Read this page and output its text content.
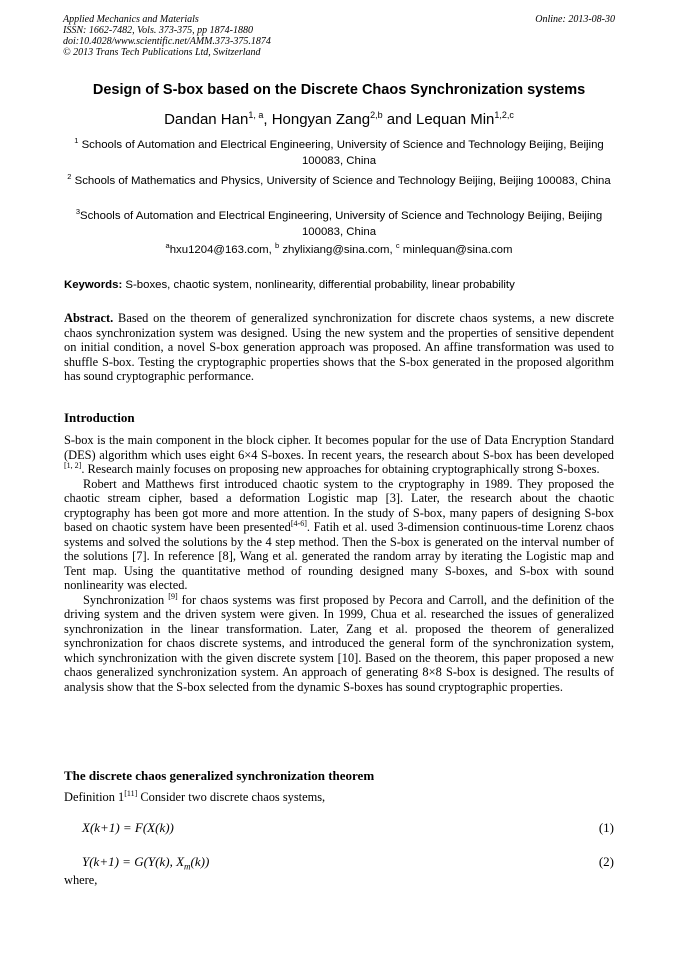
Applied Mechanics and Materials
ISSN: 1662-7482, Vols. 373-375, pp 1874-1880
doi:10.4028/www.scientific.net/AMM.373-375.1874
© 2013 Trans Tech Publications Ltd, Switzerland
Online: 2013-08-30
Design of S-box based on the Discrete Chaos Synchronization systems
Dandan Han$^{1, a}$, Hongyan Zang$^{2,b}$ and Lequan Min$^{1,2,c}$
$^1$ Schools of Automation and Electrical Engineering, University of Science and Technology Beijing, Beijing 100083, China
$^2$ Schools of Mathematics and Physics, University of Science and Technology Beijing, Beijing 100083, China
$^3$Schools of Automation and Electrical Engineering, University of Science and Technology Beijing, Beijing 100083, China
$^a$hxu1204@163.com, $^b$ zhylixiang@sina.com, $^c$ minlequan@sina.com
Keywords: S-boxes, chaotic system, nonlinearity, differential probability, linear probability
Abstract. Based on the theorem of generalized synchronization for discrete chaos systems, a new discrete chaos synchronization system was designed. Using the new system and the properties of sensitive dependent on initial condition, a novel S-box generation approach was proposed. An affine transformation was used to shuffle S-box. Testing the cryptographic properties shows that the S-box generated in the proposed algorithm has sound cryptographic performance.
Introduction
S-box is the main component in the block cipher. It becomes popular for the use of Data Encryption Standard (DES) algorithm which uses eight 6×4 S-boxes. In recent years, the research about S-box has been developed [1, 2]. Research mainly focuses on proposing new approaches for obtaining cryptographically strong S-boxes.
Robert and Matthews first introduced chaotic system to the cryptography in 1989. They proposed the chaotic stream cipher, based a deformation Logistic map [3]. Later, the research about the chaotic cryptography has been got more and more attention. In the study of S-box, many papers of designing S-box based on chaotic system have been presented[4-6]. Fatih et al. used 3-dimension continuous-time Lorenz chaos systems and solved the solutions by the 4 step method. Then the S-box is generated on the interval number of the solutions [7]. In reference [8], Wang et al. generated the random array by iterating the Logistic map and Tent map. Using the quantitative method of rounding designed many S-boxes, and S-box with sound nonlinearity was elected.
Synchronization [9] for chaos systems was first proposed by Pecora and Carroll, and the definition of the driving system and the driven system were given. In 1999, Chua et al. researched the issues of generalized synchronization in the linear transformation. Later, Zang et al. proposed the theorem of generalized synchronization for chaos discrete systems, and introduced the general form of the synchronization system, which synchronization with the given discrete system [10]. Based on the theorem, this paper proposed a new chaos generalized synchronization system. An approach of generating 8×8 S-box is designed. The results of analysis show that the S-box selected from the dynamic S-boxes has sound cryptographic properties.
The discrete chaos generalized synchronization theorem
Definition 1[11] Consider two discrete chaos systems,
X(k+1) = F(X(k))	(1)
Y(k+1) = G(Y(k), $X_m(k)$)	(2)
where,
